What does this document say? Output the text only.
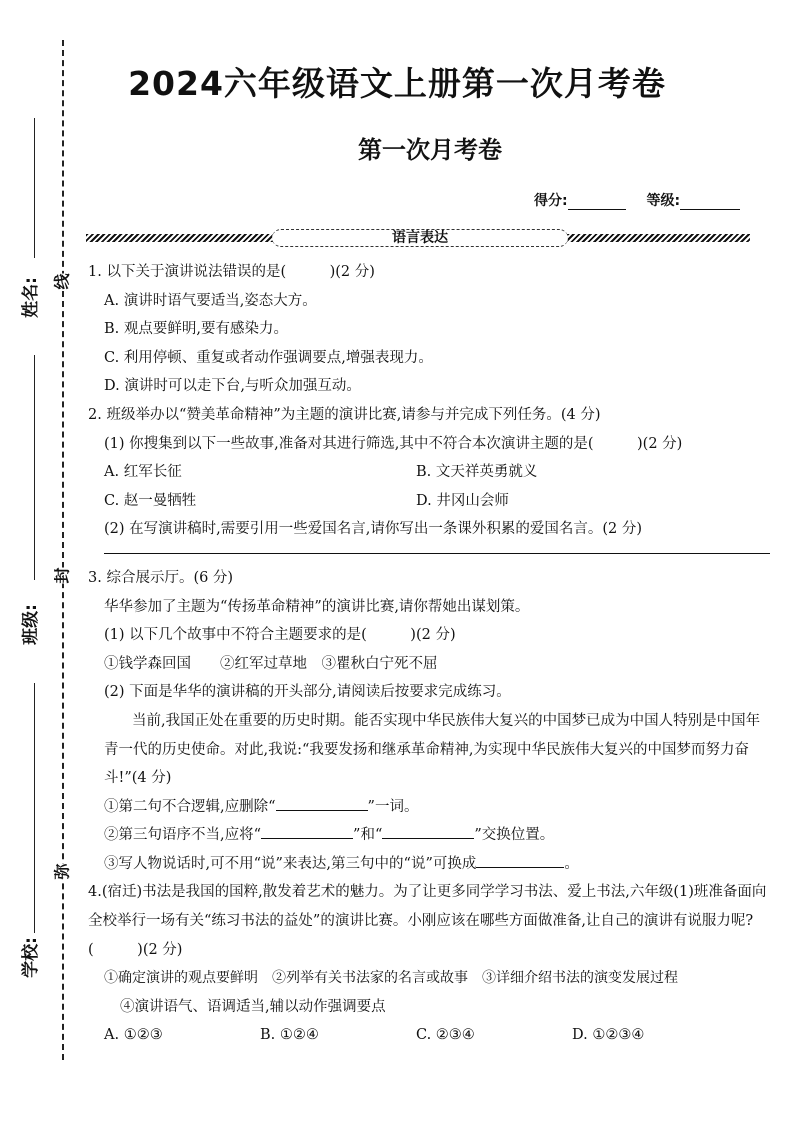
姓名:
班级:
学校:
线
封
弥
2024六年级语文上册第一次月考卷
第一次月考卷
得分:	等级:
语言表达
1. 以下关于演讲说法错误的是(　　　)(2 分)
A. 演讲时语气要适当,姿态大方。
B. 观点要鲜明,要有感染力。
C. 利用停顿、重复或者动作强调要点,增强表现力。
D. 演讲时可以走下台,与听众加强互动。
2. 班级举办以“赞美革命精神”为主题的演讲比赛,请参与并完成下列任务。(4 分)
(1) 你搜集到以下一些故事,准备对其进行筛选,其中不符合本次演讲主题的是(　　　)(2 分)
A. 红军长征	B. 文天祥英勇就义
C. 赵一曼牺牲	D. 井冈山会师
(2) 在写演讲稿时,需要引用一些爱国名言,请你写出一条课外积累的爱国名言。(2 分)
3. 综合展示厅。(6 分)
华华参加了主题为“传扬革命精神”的演讲比赛,请你帮她出谋划策。
(1) 以下几个故事中不符合主题要求的是(　　　)(2 分)
①钱学森回国　　②红军过草地　③瞿秋白宁死不屈
(2) 下面是华华的演讲稿的开头部分,请阅读后按要求完成练习。
当前,我国正处在重要的历史时期。能否实现中华民族伟大复兴的中国梦已成为中国人特别是中国年青一代的历史使命。对此,我说:“我要发扬和继承革命精神,为实现中华民族伟大复兴的中国梦而努力奋斗!”(4 分)
①第二句不合逻辑,应删除“	”一词。
②第三句语序不当,应将“	”和“	”交换位置。
③写人物说话时,可不用“说”来表达,第三句中的“说”可换成	。
4.(宿迁)书法是我国的国粹,散发着艺术的魅力。为了让更多同学学习书法、爱上书法,六年级(1)班准备面向全校举行一场有关“练习书法的益处”的演讲比赛。小刚应该在哪些方面做准备,让自己的演讲有说服力呢?(　　　)(2 分)
①确定演讲的观点要鲜明　②列举有关书法家的名言或故事　③详细介绍书法的演变发展过程
④演讲语气、语调适当,辅以动作强调要点
A. ①②③	B. ①②④	C. ②③④	D. ①②③④
